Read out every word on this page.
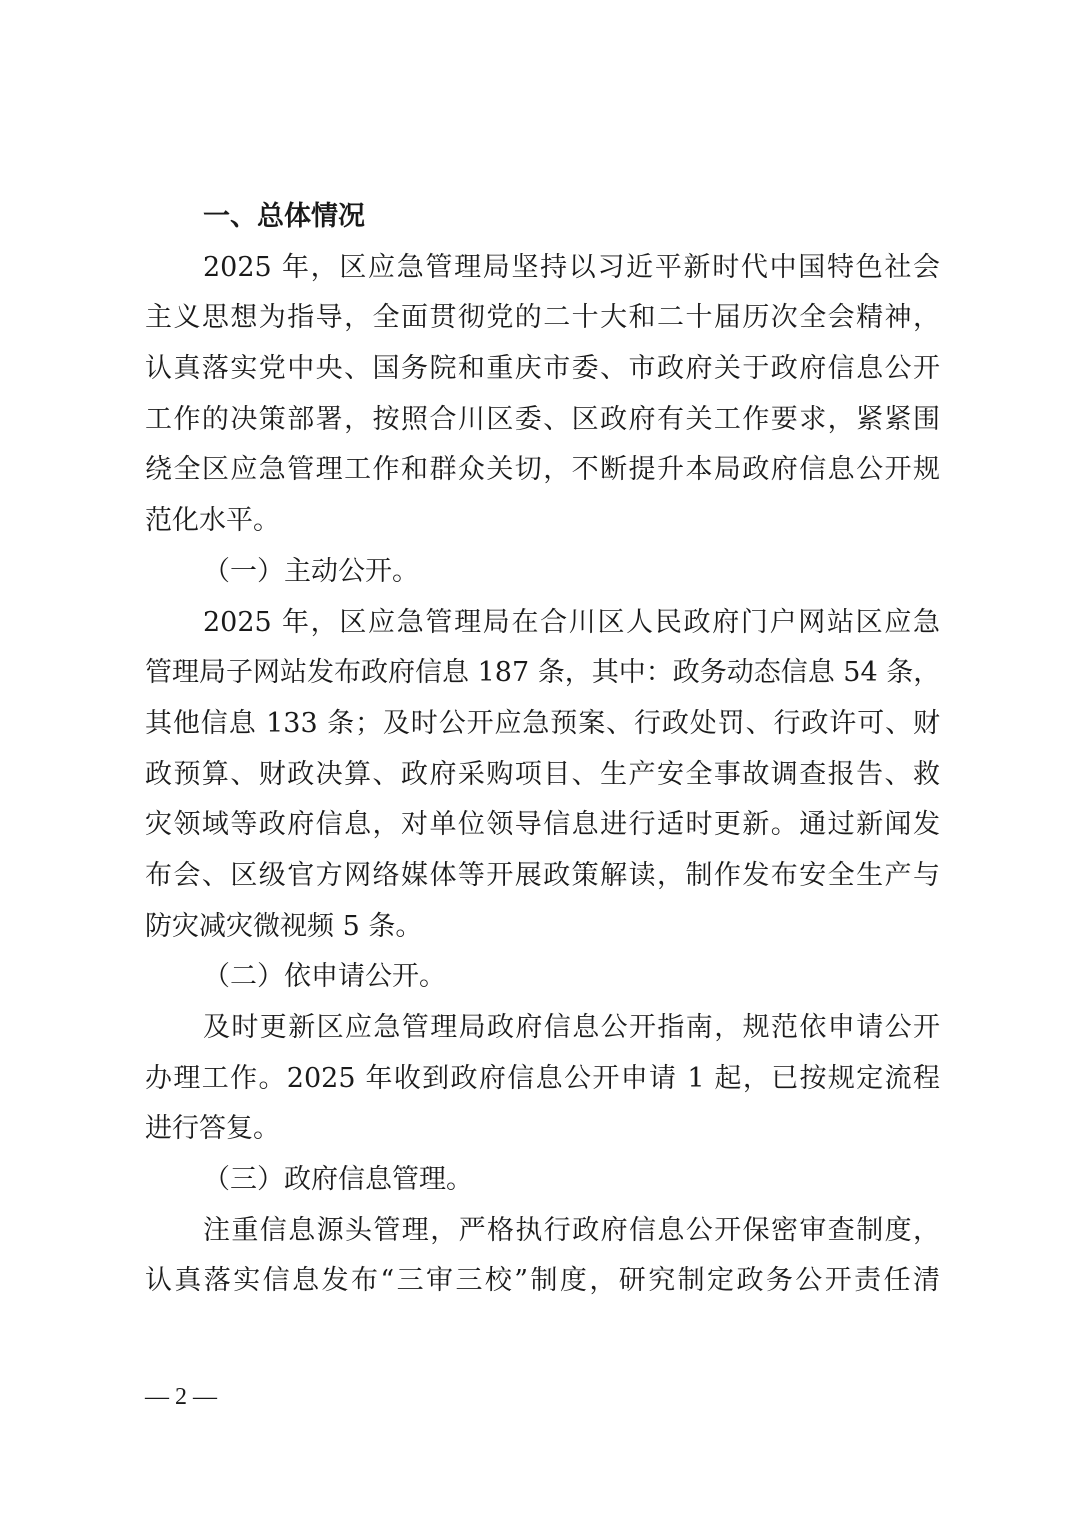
一、总体情况
2025 年，区应急管理局坚持以习近平新时代中国特色社会
主义思想为指导，全面贯彻党的二十大和二十届历次全会精神，
认真落实党中央、国务院和重庆市委、市政府关于政府信息公开
工作的决策部署，按照合川区委、区政府有关工作要求，紧紧围
绕全区应急管理工作和群众关切，不断提升本局政府信息公开规
范化水平。
（一）主动公开。
2025 年，区应急管理局在合川区人民政府门户网站区应急
管理局子网站发布政府信息 187 条，其中：政务动态信息 54 条，
其他信息 133 条；及时公开应急预案、行政处罚、行政许可、财
政预算、财政决算、政府采购项目、生产安全事故调查报告、救
灾领域等政府信息，对单位领导信息进行适时更新。通过新闻发
布会、区级官方网络媒体等开展政策解读，制作发布安全生产与
防灾减灾微视频 5 条。
（二）依申请公开。
及时更新区应急管理局政府信息公开指南，规范依申请公开
办理工作。2025 年收到政府信息公开申请 1 起，已按规定流程
进行答复。
（三）政府信息管理。
注重信息源头管理，严格执行政府信息公开保密审查制度，
认真落实信息发布“三审三校”制度，研究制定政务公开责任清
— 2 —
